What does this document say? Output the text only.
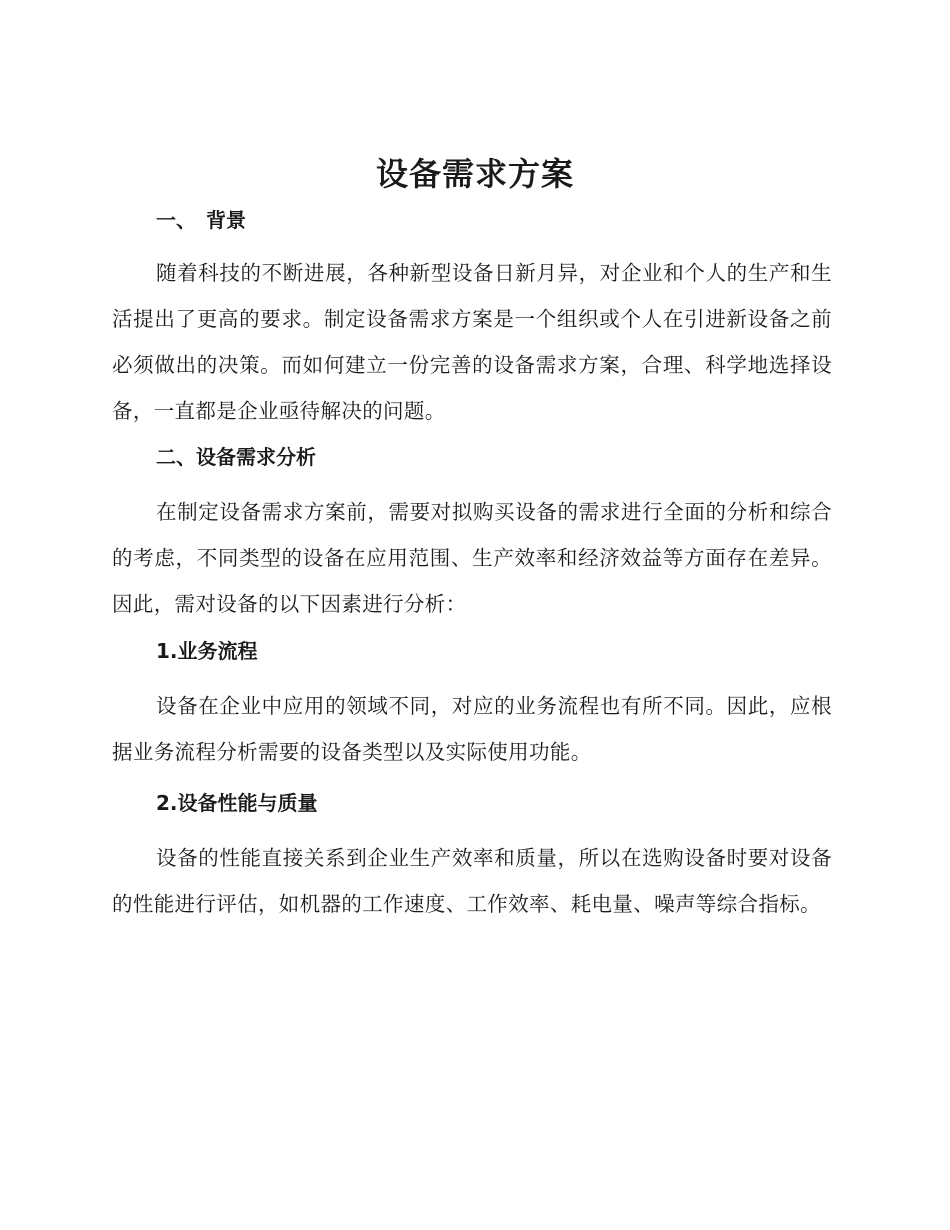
设备需求方案
一、 背景

随着科技的不断进展，各种新型设备日新月异，对企业和个人的生产和生活提出了更高的要求。制定设备需求方案是一个组织或个人在引进新设备之前必须做出的决策。而如何建立一份完善的设备需求方案，合理、科学地选择设备，一直都是企业亟待解决的问题。

二、设备需求分析

在制定设备需求方案前，需要对拟购买设备的需求进行全面的分析和综合的考虑，不同类型的设备在应用范围、生产效率和经济效益等方面存在差异。因此，需对设备的以下因素进行分析：

1.业务流程

设备在企业中应用的领域不同，对应的业务流程也有所不同。因此，应根据业务流程分析需要的设备类型以及实际使用功能。

2.设备性能与质量

设备的性能直接关系到企业生产效率和质量，所以在选购设备时要对设备的性能进行评估，如机器的工作速度、工作效率、耗电量、噪声等综合指标。
